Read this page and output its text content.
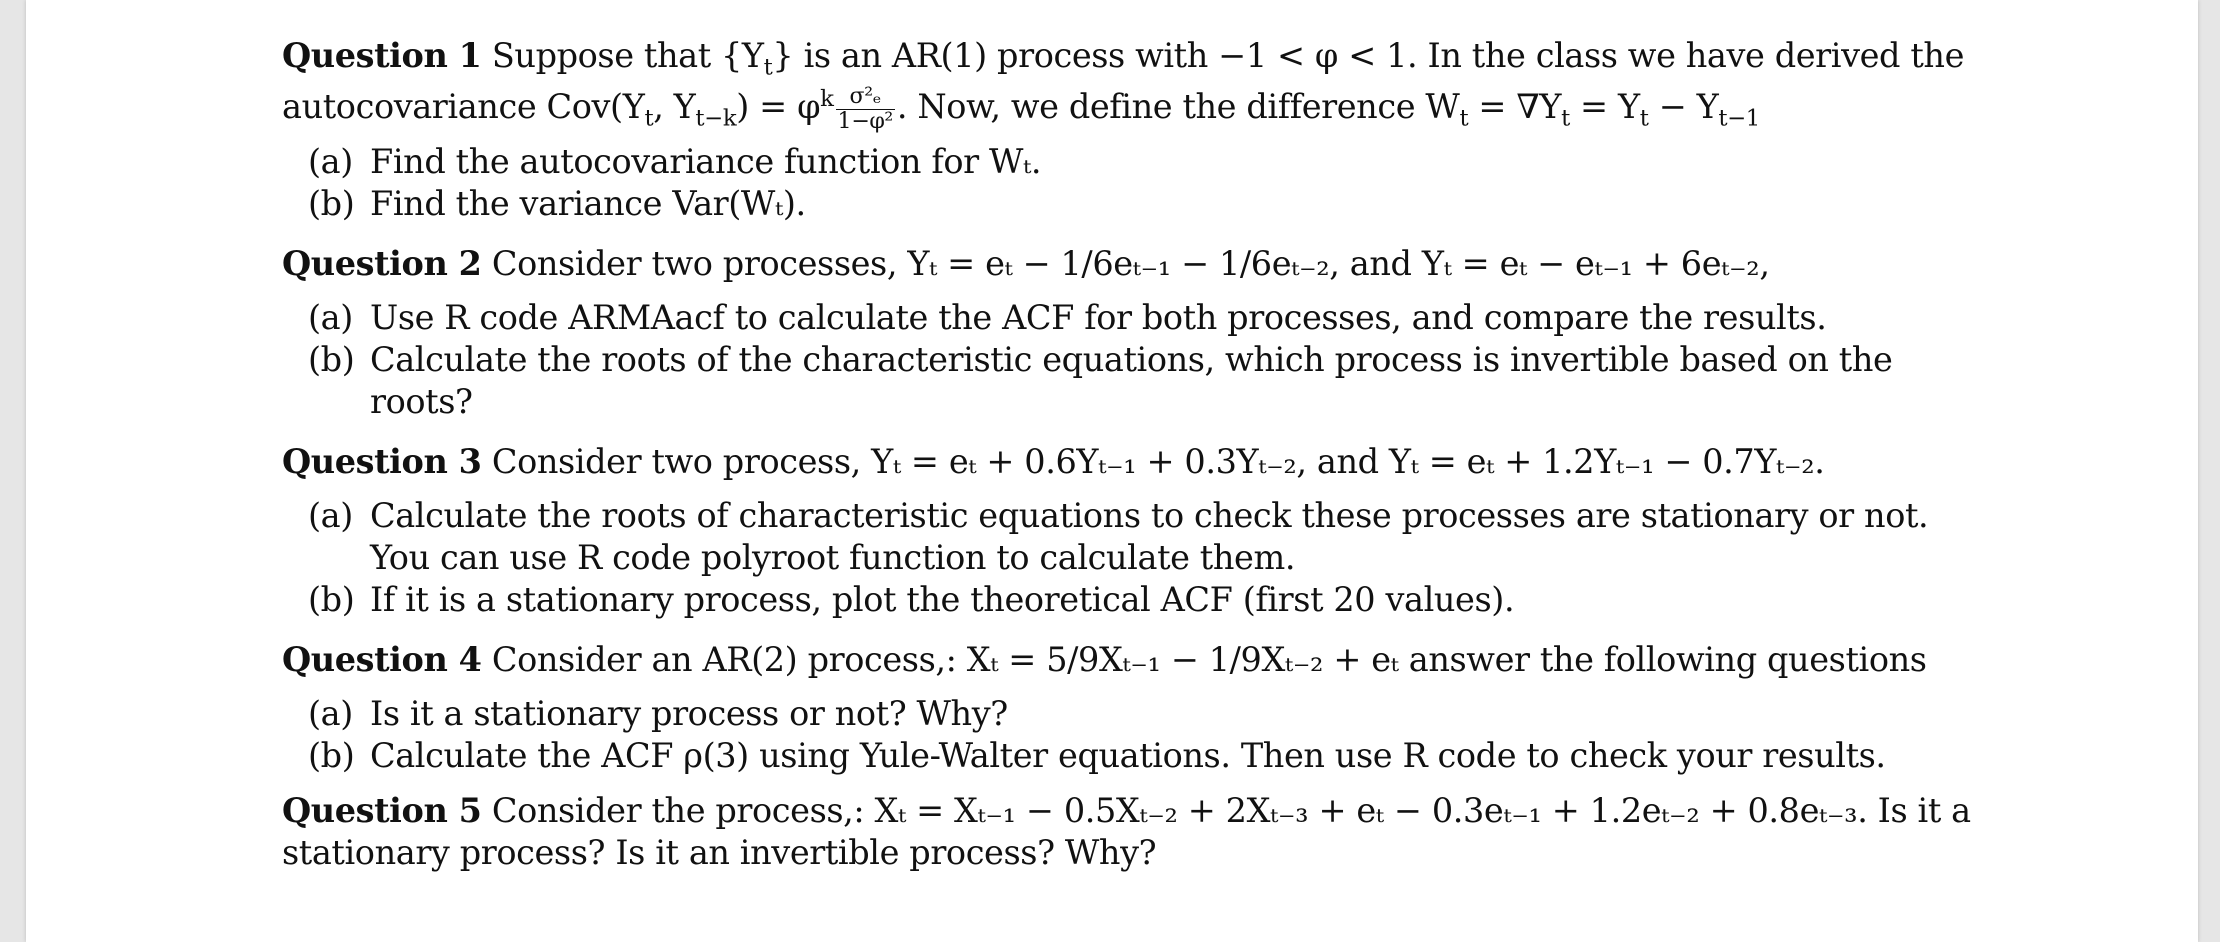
Question 1 Suppose that $\{Y_t\}$ is an AR(1) process with −1 < φ < 1. In the class we have derived the
autocovariance $Cov(Y_t$, $Y_{t-k}) = \varphi^k \frac{\text{σ²ₑ}}{\text{1−φ²}}$ . Now, we define the difference $W_t = \nabla Y_t = Y_t - Y_{t-1}$
(a) Find the autocovariance function for Wₜ.
(b) Find the variance Var(Wₜ).
Question 2 Consider two processes, Yₜ = eₜ − 1/6eₜ₋₁ − 1/6eₜ₋₂, and Yₜ = eₜ − eₜ₋₁ + 6eₜ₋₂,
(a) Use R code ARMAacf to calculate the ACF for both processes, and compare the results.
(b) Calculate the roots of the characteristic equations, which process is invertible based on the roots?
Question 3 Consider two process, Yₜ = eₜ + 0.6Yₜ₋₁ + 0.3Yₜ₋₂, and Yₜ = eₜ + 1.2Yₜ₋₁ − 0.7Yₜ₋₂.
(a) Calculate the roots of characteristic equations to check these processes are stationary or not. You can use R code polyroot function to calculate them.
(b) If it is a stationary process, plot the theoretical ACF (first 20 values).
Question 4 Consider an AR(2) process,: Xₜ = 5/9Xₜ₋₁ − 1/9Xₜ₋₂ + eₜ answer the following questions
(a) Is it a stationary process or not? Why?
(b) Calculate the ACF ρ(3) using Yule-Walter equations. Then use R code to check your results.
Question 5 Consider the process,: Xₜ = Xₜ₋₁ − 0.5Xₜ₋₂ + 2Xₜ₋₃ + eₜ − 0.3eₜ₋₁ + 1.2eₜ₋₂ + 0.8eₜ₋₃. Is it a stationary process? Is it an invertible process? Why?
